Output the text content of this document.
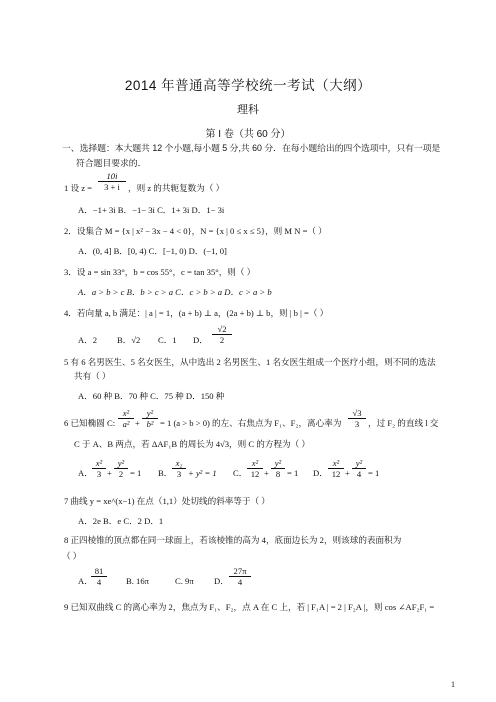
2014 年普通高等学校统一考试（大纲）
理科
第 I 卷（共 60 分）
一、选择题：本大题共 12 个小题,每小题 5 分,共 60 分．在每小题给出的四个选项中，只有一项是
符合题目要求的．
1 设 $z = \frac{10i}{3 + i}$ ，则 z 的共轭复数为（ ）
A．−1+ 3i B．−1− 3i C．1+ 3i D．1− 3i
2．设集合 M = {x | x² − 3x − 4 < 0}，N = {x | 0 ≤ x ≤ 5}，则 M N =（ ）
A．(0, 4] B．[0, 4) C．[−1, 0) D．(−1, 0]
3．设 a = sin 33°，b = cos 55°，c = tan 35°，则（ ）
A．a > b > c B．b > c > a C．c > b > a D．c > a > b
4．若向量 a, b 满足：| a | = 1，(a + b) ⊥ a，(2a + b) ⊥ b，则 | b | =（ ）
A．2 B．√2 C．1 D． $\frac{√2}{2}$
5 有 6 名男医生、5 名女医生，从中选出 2 名男医生、1 名女医生组成一个医疗小组，则不同的选法
共有（ ）
A．60 种 B．70 种 C．75 种 D．150 种
6 已知椭圆 C: $\frac{\text{x²}}{\text{a²}} + \frac{\text{y²}}{\text{b²}} = 1$ (a > b > 0) 的左、右焦点为 F₁、F₂，离心率为 $\frac{√3}{3}$ ，过 F₂ 的直线 l 交
C 于 A、B 两点，若 ΔAF₁B 的周长为 4√3，则 C 的方程为（ ）
A． $\frac{\text{x²}}{3} + \frac{\text{y²}}{2} = 1$ B． $\frac{\text{x₂}}{3} + y^2 = 1$ C． $\frac{\text{x²}}{12} + \frac{\text{y²}}{8} = 1$ D． $\frac{\text{x²}}{12} + \frac{\text{y²}}{4} = 1$
7 曲线 y = xe^(x−1) 在点（1,1）处切线的斜率等于（ ）
A．2e B．e C．2 D．1
8 正四棱锥的顶点都在同一球面上，若该棱锥的高为 4，底面边长为 2，则该球的表面积为
（ ）
A．
$\frac{81}{4} B$. 16π	C. 9π D． $\frac{27\pi}{4}$
9 已知双曲线 C 的离心率为 2，焦点为 F₁、F₂，点 A 在 C 上，若 | F₁A | = 2 | F₂A |，则 cos ∠AF₂F₁ =
1
